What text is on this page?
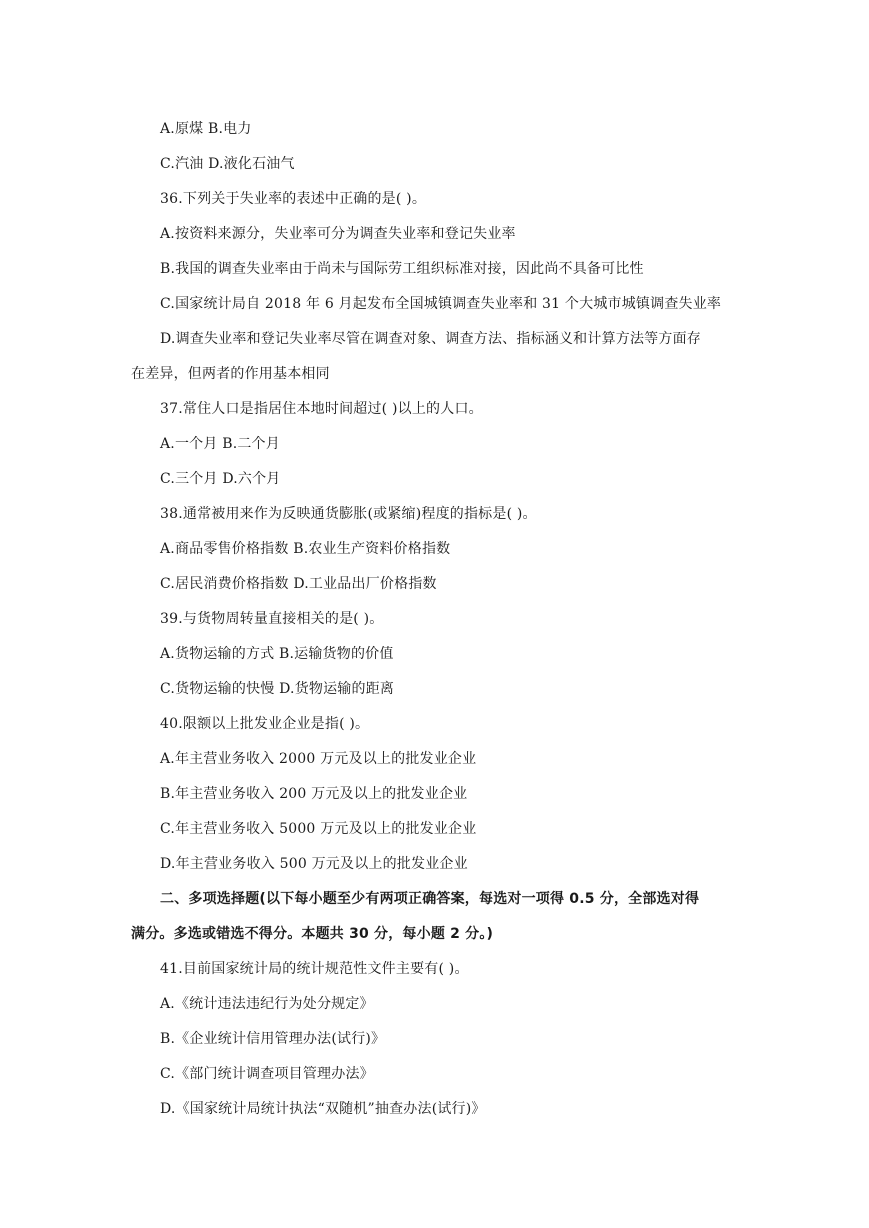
A.原煤 B.电力
C.汽油 D.液化石油气
36.下列关于失业率的表述中正确的是( )。
A.按资料来源分，失业率可分为调查失业率和登记失业率
B.我国的调查失业率由于尚未与国际劳工组织标准对接，因此尚不具备可比性
C.国家统计局自 2018 年 6 月起发布全国城镇调查失业率和 31 个大城市城镇调查失业率
D.调查失业率和登记失业率尽管在调查对象、调查方法、指标涵义和计算方法等方面存
在差异，但两者的作用基本相同
37.常住人口是指居住本地时间超过( )以上的人口。
A.一个月 B.二个月
C.三个月 D.六个月
38.通常被用来作为反映通货膨胀(或紧缩)程度的指标是( )。
A.商品零售价格指数 B.农业生产资料价格指数
C.居民消费价格指数 D.工业品出厂价格指数
39.与货物周转量直接相关的是( )。
A.货物运输的方式 B.运输货物的价值
C.货物运输的快慢 D.货物运输的距离
40.限额以上批发业企业是指( )。
A.年主营业务收入 2000 万元及以上的批发业企业
B.年主营业务收入 200 万元及以上的批发业企业
C.年主营业务收入 5000 万元及以上的批发业企业
D.年主营业务收入 500 万元及以上的批发业企业
二、多项选择题(以下每小题至少有两项正确答案，每选对一项得 0.5 分，全部选对得
满分。多选或错选不得分。本题共 30 分，每小题 2 分。)
41.目前国家统计局的统计规范性文件主要有( )。
A.《统计违法违纪行为处分规定》
B.《企业统计信用管理办法(试行)》
C.《部门统计调查项目管理办法》
D.《国家统计局统计执法“双随机”抽查办法(试行)》
